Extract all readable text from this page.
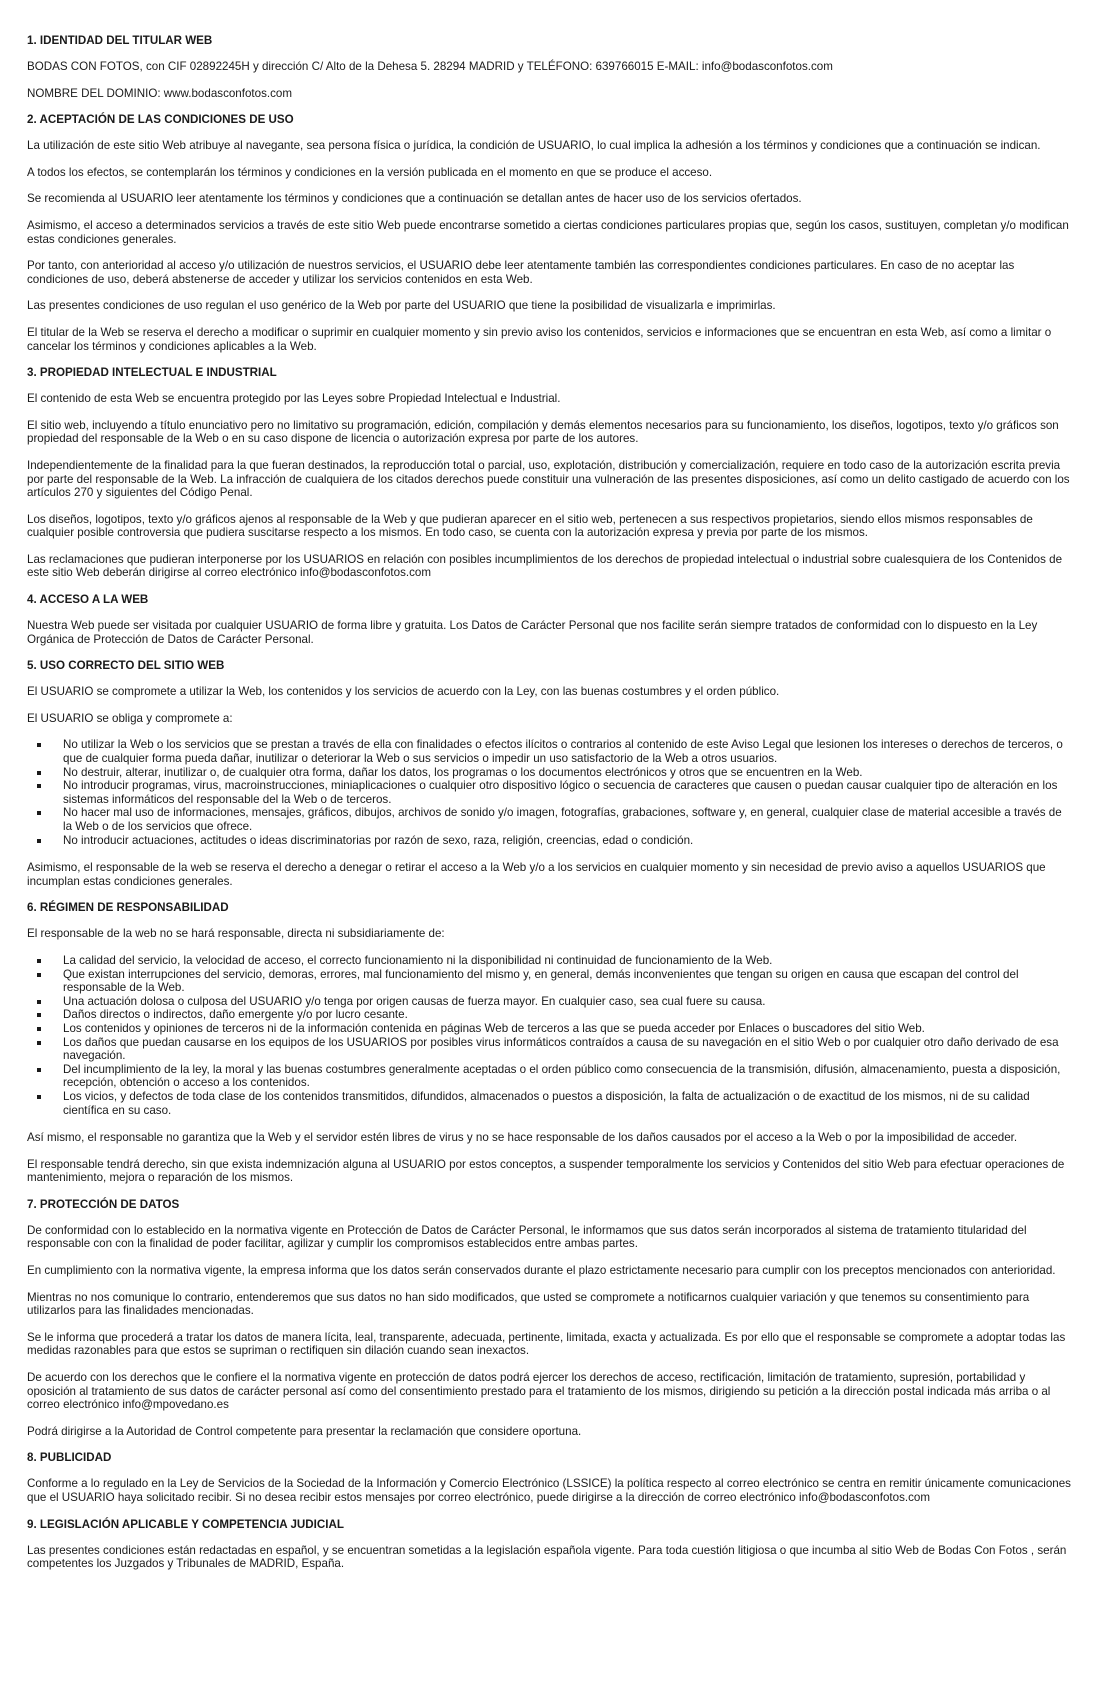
1. IDENTIDAD DEL TITULAR WEB

BODAS CON FOTOS, con CIF 02892245H y dirección C/ Alto de la Dehesa 5. 28294 MADRID y TELÉFONO: 639766015 E-MAIL: info@bodasconfotos.com

NOMBRE DEL DOMINIO: www.bodasconfotos.com

2. ACEPTACIÓN DE LAS CONDICIONES DE USO

La utilización de este sitio Web atribuye al navegante, sea persona física o jurídica, la condición de USUARIO, lo cual implica la adhesión a los términos y condiciones que a continuación se indican.

A todos los efectos, se contemplarán los términos y condiciones en la versión publicada en el momento en que se produce el acceso.

Se recomienda al USUARIO leer atentamente los términos y condiciones que a continuación se detallan antes de hacer uso de los servicios ofertados.

Asimismo, el acceso a determinados servicios a través de este sitio Web puede encontrarse sometido a ciertas condiciones particulares propias que, según los casos, sustituyen, completan y/o modifican estas condiciones generales.

Por tanto, con anterioridad al acceso y/o utilización de nuestros servicios, el USUARIO debe leer atentamente también las correspondientes condiciones particulares. En caso de no aceptar las condiciones de uso, deberá abstenerse de acceder y utilizar los servicios contenidos en esta Web.

Las presentes condiciones de uso regulan el uso genérico de la Web por parte del USUARIO que tiene la posibilidad de visualizarla e imprimirlas.

El titular de la Web se reserva el derecho a modificar o suprimir en cualquier momento y sin previo aviso los contenidos, servicios e informaciones que se encuentran en esta Web, así como a limitar o cancelar los términos y condiciones aplicables a la Web.

3. PROPIEDAD INTELECTUAL E INDUSTRIAL

El contenido de esta Web se encuentra protegido por las Leyes sobre Propiedad Intelectual e Industrial.

El sitio web, incluyendo a título enunciativo pero no limitativo su programación, edición, compilación y demás elementos necesarios para su funcionamiento, los diseños, logotipos, texto y/o gráficos son propiedad del responsable de la Web o en su caso dispone de licencia o autorización expresa por parte de los autores.

Independientemente de la finalidad para la que fueran destinados, la reproducción total o parcial, uso, explotación, distribución y comercialización, requiere en todo caso de la autorización escrita previa por parte del responsable de la Web. La infracción de cualquiera de los citados derechos puede constituir una vulneración de las presentes disposiciones, así como un delito castigado de acuerdo con los artículos 270 y siguientes del Código Penal.

Los diseños, logotipos, texto y/o gráficos ajenos al responsable de la Web y que pudieran aparecer en el sitio web, pertenecen a sus respectivos propietarios, siendo ellos mismos responsables de cualquier posible controversia que pudiera suscitarse respecto a los mismos. En todo caso, se cuenta con la autorización expresa y previa por parte de los mismos.

Las reclamaciones que pudieran interponerse por los USUARIOS en relación con posibles incumplimientos de los derechos de propiedad intelectual o industrial sobre cualesquiera de los Contenidos de este sitio Web deberán dirigirse al correo electrónico info@bodasconfotos.com

4. ACCESO A LA WEB

Nuestra Web puede ser visitada por cualquier USUARIO de forma libre y gratuita. Los Datos de Carácter Personal que nos facilite serán siempre tratados de conformidad con lo dispuesto en la Ley Orgánica de Protección de Datos de Carácter Personal.

5. USO CORRECTO DEL SITIO WEB

El USUARIO se compromete a utilizar la Web, los contenidos y los servicios de acuerdo con la Ley, con las buenas costumbres y el orden público.

El USUARIO se obliga y compromete a:

No utilizar la Web o los servicios que se prestan a través de ella con finalidades o efectos ilícitos o contrarios al contenido de este Aviso Legal que lesionen los intereses o derechos de terceros, o que de cualquier forma pueda dañar, inutilizar o deteriorar la Web o sus servicios o impedir un uso satisfactorio de la Web a otros usuarios.
No destruir, alterar, inutilizar o, de cualquier otra forma, dañar los datos, los programas o los documentos electrónicos y otros que se encuentren en la Web.
No introducir programas, virus, macroinstrucciones, miniaplicaciones o cualquier otro dispositivo lógico o secuencia de caracteres que causen o puedan causar cualquier tipo de alteración en los sistemas informáticos del responsable del la Web o de terceros.
No hacer mal uso de informaciones, mensajes, gráficos, dibujos, archivos de sonido y/o imagen, fotografías, grabaciones, software y, en general, cualquier clase de material accesible a través de la Web o de los servicios que ofrece.
No introducir actuaciones, actitudes o ideas discriminatorias por razón de sexo, raza, religión, creencias, edad o condición.

Asimismo, el responsable de la web se reserva el derecho a denegar o retirar el acceso a la Web y/o a los servicios en cualquier momento y sin necesidad de previo aviso a aquellos USUARIOS que incumplan estas condiciones generales.

6. RÉGIMEN DE RESPONSABILIDAD

El responsable de la web no se hará responsable, directa ni subsidiariamente de:

La calidad del servicio, la velocidad de acceso, el correcto funcionamiento ni la disponibilidad ni continuidad de funcionamiento de la Web.
Que existan interrupciones del servicio, demoras, errores, mal funcionamiento del mismo y, en general, demás inconvenientes que tengan su origen en causa que escapan del control del responsable de la Web.
Una actuación dolosa o culposa del USUARIO y/o tenga por origen causas de fuerza mayor. En cualquier caso, sea cual fuere su causa.
Daños directos o indirectos, daño emergente y/o por lucro cesante.
Los contenidos y opiniones de terceros ni de la información contenida en páginas Web de terceros a las que se pueda acceder por Enlaces o buscadores del sitio Web.
Los daños que puedan causarse en los equipos de los USUARIOS por posibles virus informáticos contraídos a causa de su navegación en el sitio Web o por cualquier otro daño derivado de esa navegación.
Del incumplimiento de la ley, la moral y las buenas costumbres generalmente aceptadas o el orden público como consecuencia de la transmisión, difusión, almacenamiento, puesta a disposición, recepción, obtención o acceso a los contenidos.
Los vicios, y defectos de toda clase de los contenidos transmitidos, difundidos, almacenados o puestos a disposición, la falta de actualización o de exactitud de los mismos, ni de su calidad científica en su caso.

Así mismo, el responsable no garantiza que la Web y el servidor estén libres de virus y no se hace responsable de los daños causados por el acceso a la Web o por la imposibilidad de acceder.

El responsable tendrá derecho, sin que exista indemnización alguna al USUARIO por estos conceptos, a suspender temporalmente los servicios y Contenidos del sitio Web para efectuar operaciones de mantenimiento, mejora o reparación de los mismos.

7. PROTECCIÓN DE DATOS

De conformidad con lo establecido en la normativa vigente en Protección de Datos de Carácter Personal, le informamos que sus datos serán incorporados al sistema de tratamiento titularidad del responsable con con la finalidad de poder facilitar, agilizar y cumplir los compromisos establecidos entre ambas partes.

En cumplimiento con la normativa vigente, la empresa informa que los datos serán conservados durante el plazo estrictamente necesario para cumplir con los preceptos mencionados con anterioridad.

Mientras no nos comunique lo contrario, entenderemos que sus datos no han sido modificados, que usted se compromete a notificarnos cualquier variación y que tenemos su consentimiento para utilizarlos para las finalidades mencionadas.

Se le informa que procederá a tratar los datos de manera lícita, leal, transparente, adecuada, pertinente, limitada, exacta y actualizada. Es por ello que el responsable se compromete a adoptar todas las medidas razonables para que estos se supriman o rectifiquen sin dilación cuando sean inexactos.

De acuerdo con los derechos que le confiere el la normativa vigente en protección de datos podrá ejercer los derechos de acceso, rectificación, limitación de tratamiento, supresión, portabilidad y oposición al tratamiento de sus datos de carácter personal así como del consentimiento prestado para el tratamiento de los mismos, dirigiendo su petición a la dirección postal indicada más arriba o al correo electrónico info@mpovedano.es

Podrá dirigirse a la Autoridad de Control competente para presentar la reclamación que considere oportuna.

8. PUBLICIDAD

Conforme a lo regulado en la Ley de Servicios de la Sociedad de la Información y Comercio Electrónico (LSSICE) la política respecto al correo electrónico se centra en remitir únicamente comunicaciones que el USUARIO haya solicitado recibir. Si no desea recibir estos mensajes por correo electrónico, puede dirigirse a la dirección de correo electrónico info@bodasconfotos.com

9. LEGISLACIÓN APLICABLE Y COMPETENCIA JUDICIAL

Las presentes condiciones están redactadas en español, y se encuentran sometidas a la legislación española vigente. Para toda cuestión litigiosa o que incumba al sitio Web de Bodas Con Fotos , serán competentes los Juzgados y Tribunales de MADRID, España.
